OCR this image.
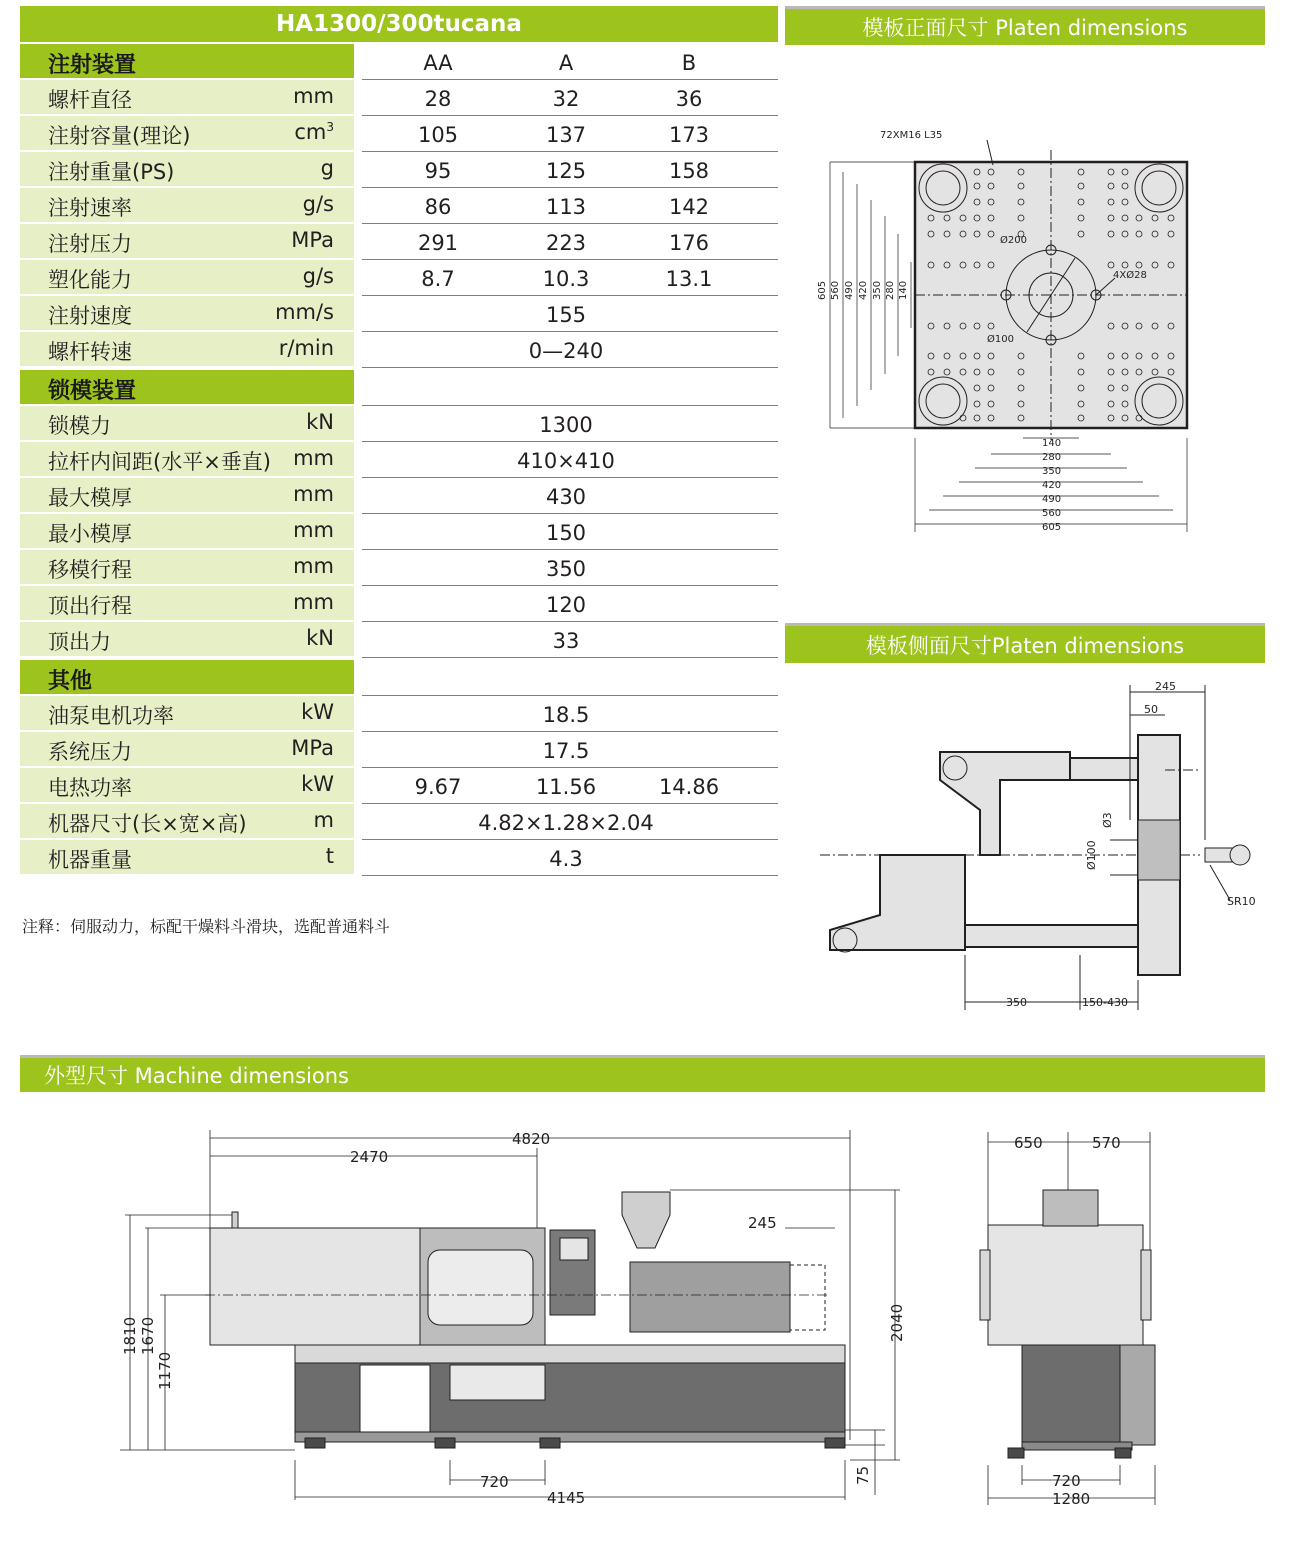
HA1300/300tucana
注射装置	AA	A	B
螺杆直径	mm	28	32	36
注射容量(理论)	$cm^3$	105	137	173
注射重量(PS)	g	95	125	158
注射速率	g/s	86	113	142
注射压力	MPa	291	223	176
塑化能力	g/s	8.7	10.3	13.1
注射速度	mm/s	155
螺杆转速	r/min	0—240
锁模装置
锁模力	kN	1300
拉杆内间距(水平×垂直) mm	410×410
最大模厚	mm	430
最小模厚	mm	150
移模行程	mm	350
顶出行程	mm	120
顶出力	kN	33
其他
油泵电机功率	kW	18.5
系统压力	MPa	17.5
电热功率	kW	9.67	11.56	14.86
机器尺寸(长×宽×高)	m	4.82×1.28×2.04
机器重量	t	4.3
注释：伺服动力，标配干燥料斗滑块，选配普通料斗
模板正面尺寸 Platen dimensions
模板侧面尺寸Platen dimensions
外型尺寸 Machine dimensions
72XM16 L35
Ø200
Ø100
4XØ28
605 560 490 420 350 280 140
140
280
350
420
490
560
605
245
50
Ø3
Ø100
SR10
350	150-430
4820
2470
245
1810 1670
1170
2040
720
4145
75
650	570
720
1280
